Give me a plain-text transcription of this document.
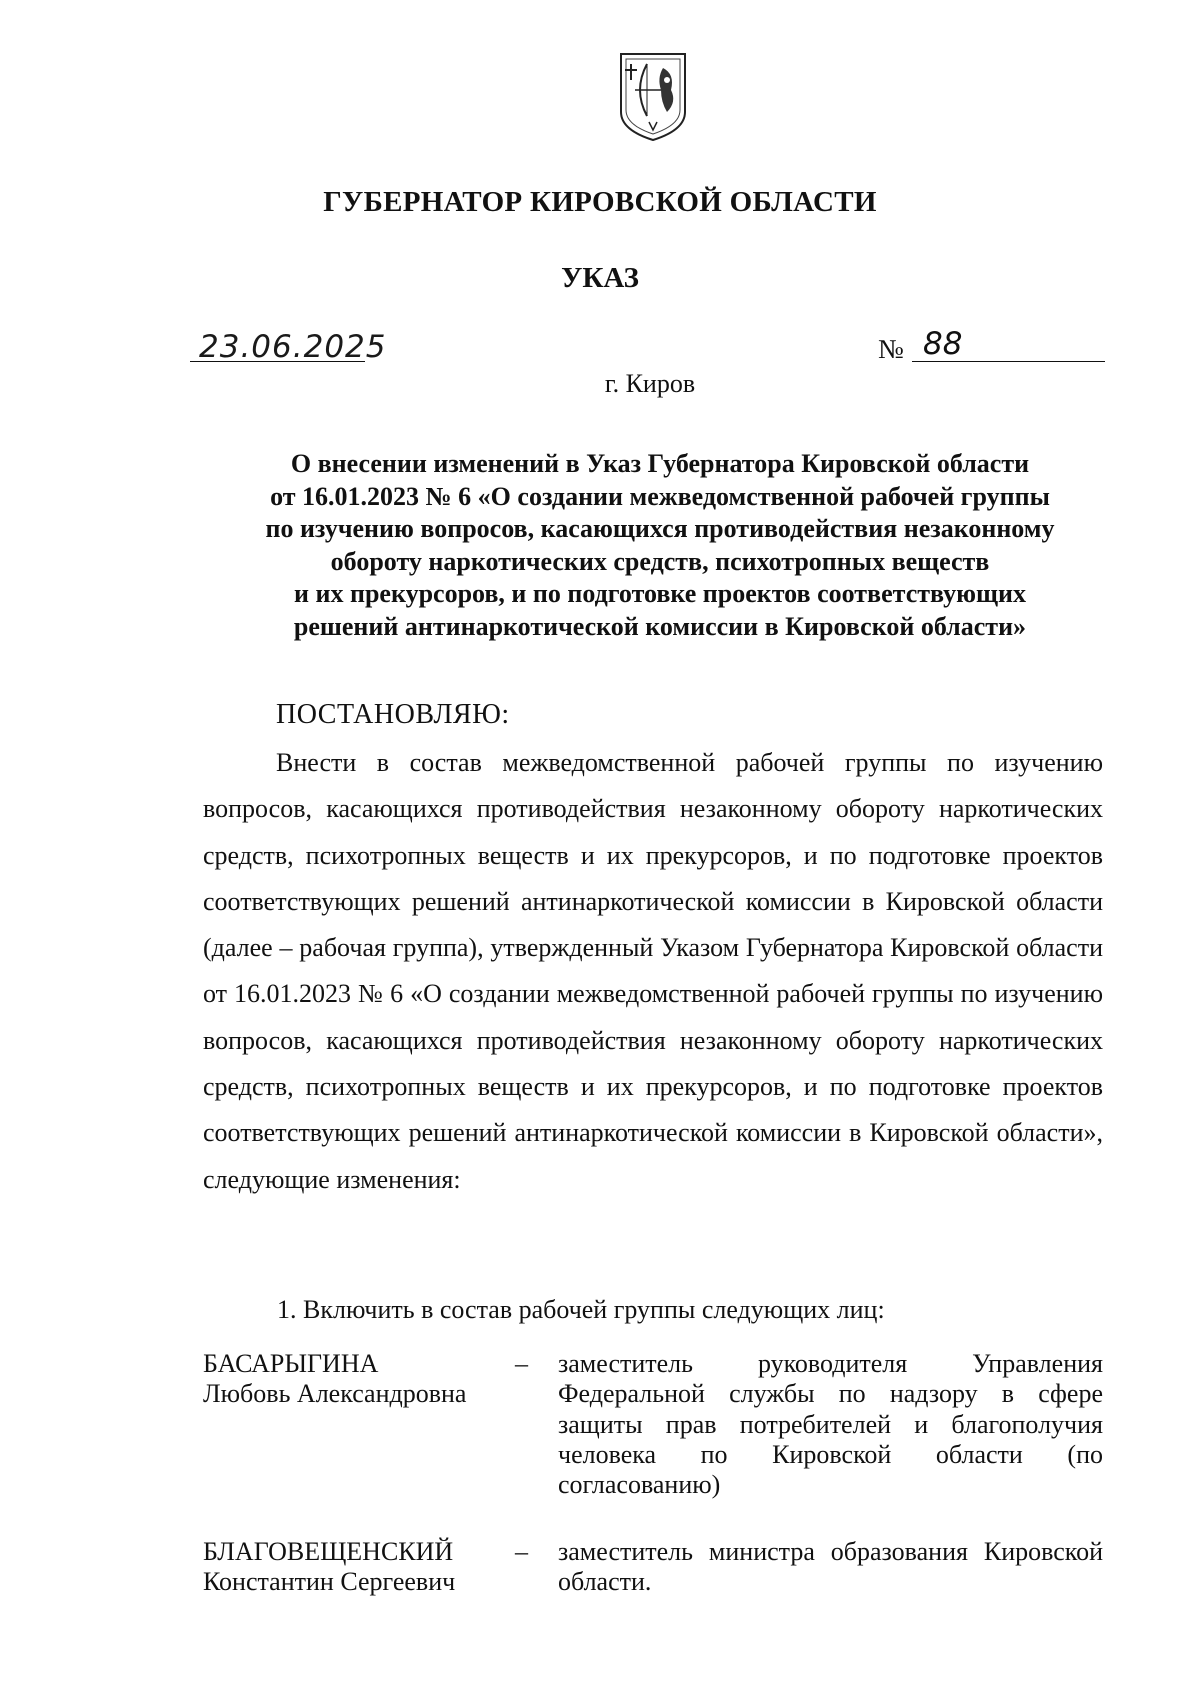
ГУБЕРНАТОР КИРОВСКОЙ ОБЛАСТИ
УКАЗ
23.06.2025	№ 88
г. Киров
О внесении изменений в Указ Губернатора Кировской области
от 16.01.2023 № 6 «О создании межведомственной рабочей группы
по изучению вопросов, касающихся противодействия незаконному
обороту наркотических средств, психотропных веществ
и их прекурсоров, и по подготовке проектов соответствующих
решений антинаркотической комиссии в Кировской области»
ПОСТАНОВЛЯЮ:
Внести в состав межведомственной рабочей группы по изучению вопросов, касающихся противодействия незаконному обороту наркотических средств, психотропных веществ и их прекурсоров, и по подготовке проектов соответствующих решений антинаркотической комиссии в Кировской области (далее – рабочая группа), утвержденный Указом Губернатора Кировской области от 16.01.2023 № 6 «О создании межведомственной рабочей группы по изучению вопросов, касающихся противодействия незаконному обороту наркотических средств, психотропных веществ и их прекурсоров, и по подготовке проектов соответствующих решений антинаркотической комиссии в Кировской области», следующие изменения:
1. Включить в состав рабочей группы следующих лиц:
БАСАРЫГИНА
Любовь Александровна
– заместитель руководителя Управления Федеральной службы по надзору в сфере защиты прав потребителей и благополучия человека по Кировской области (по согласованию)
БЛАГОВЕЩЕНСКИЙ
Константин Сергеевич
– заместитель министра образования Кировской области.
